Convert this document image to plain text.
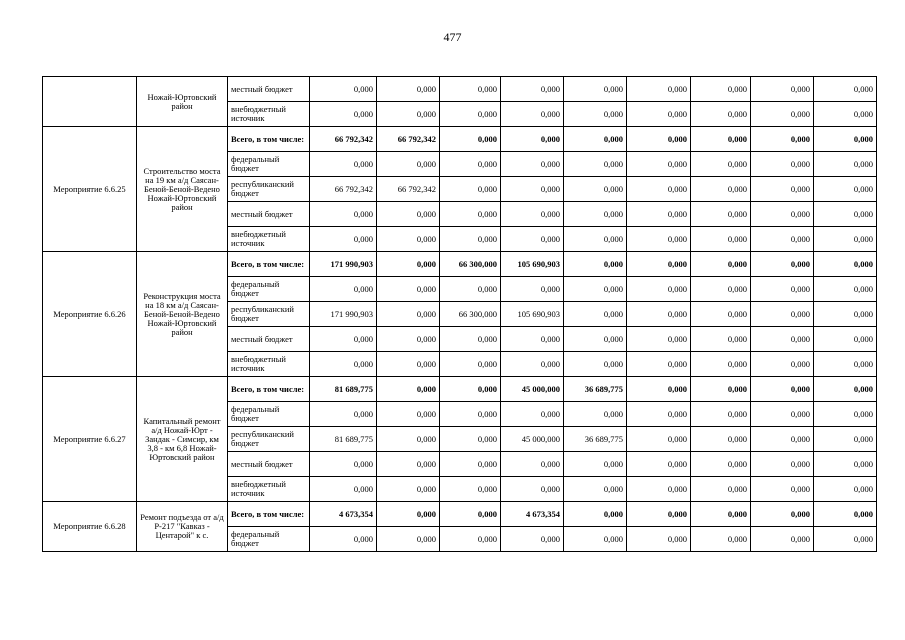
477
	Ножай-Юртовский район	местный бюджет	0,000	0,000	0,000	0,000	0,000	0,000	0,000	0,000	0,000
		внебюджетный источник	0,000	0,000	0,000	0,000	0,000	0,000	0,000	0,000	0,000
Мероприятие 6.6.25	Строительство моста на 19 км а/д Саясан-Беной-Беной-Ведено Ножай-Юртовский район	Всего, в том числе:	66 792,342	66 792,342	0,000	0,000	0,000	0,000	0,000	0,000	0,000
		федеральный бюджет	0,000	0,000	0,000	0,000	0,000	0,000	0,000	0,000	0,000
		республиканский бюджет	66 792,342	66 792,342	0,000	0,000	0,000	0,000	0,000	0,000	0,000
		местный бюджет	0,000	0,000	0,000	0,000	0,000	0,000	0,000	0,000	0,000
		внебюджетный источник	0,000	0,000	0,000	0,000	0,000	0,000	0,000	0,000	0,000
Мероприятие 6.6.26	Реконструкция моста на 18 км а/д Саясан-Беной-Беной-Ведено Ножай-Юртовский район	Всего, в том числе:	171 990,903	0,000	66 300,000	105 690,903	0,000	0,000	0,000	0,000	0,000
		федеральный бюджет	0,000	0,000	0,000	0,000	0,000	0,000	0,000	0,000	0,000
		республиканский бюджет	171 990,903	0,000	66 300,000	105 690,903	0,000	0,000	0,000	0,000	0,000
		местный бюджет	0,000	0,000	0,000	0,000	0,000	0,000	0,000	0,000	0,000
		внебюджетный источник	0,000	0,000	0,000	0,000	0,000	0,000	0,000	0,000	0,000
Мероприятие 6.6.27	Капитальный ремонт а/д Ножай-Юрт - Зандак - Симсир, км 3,8 - км 6,8 Ножай-Юртовский район	Всего, в том числе:	81 689,775	0,000	0,000	45 000,000	36 689,775	0,000	0,000	0,000	0,000
		федеральный бюджет	0,000	0,000	0,000	0,000	0,000	0,000	0,000	0,000	0,000
		республиканский бюджет	81 689,775	0,000	0,000	45 000,000	36 689,775	0,000	0,000	0,000	0,000
		местный бюджет	0,000	0,000	0,000	0,000	0,000	0,000	0,000	0,000	0,000
		внебюджетный источник	0,000	0,000	0,000	0,000	0,000	0,000	0,000	0,000	0,000
Мероприятие 6.6.28	Ремонт подъезда от а/д Р-217 "Кавказ - Центарой" к с.	Всего, в том числе:	4 673,354	0,000	0,000	4 673,354	0,000	0,000	0,000	0,000	0,000
		федеральный бюджет	0,000	0,000	0,000	0,000	0,000	0,000	0,000	0,000	0,000
